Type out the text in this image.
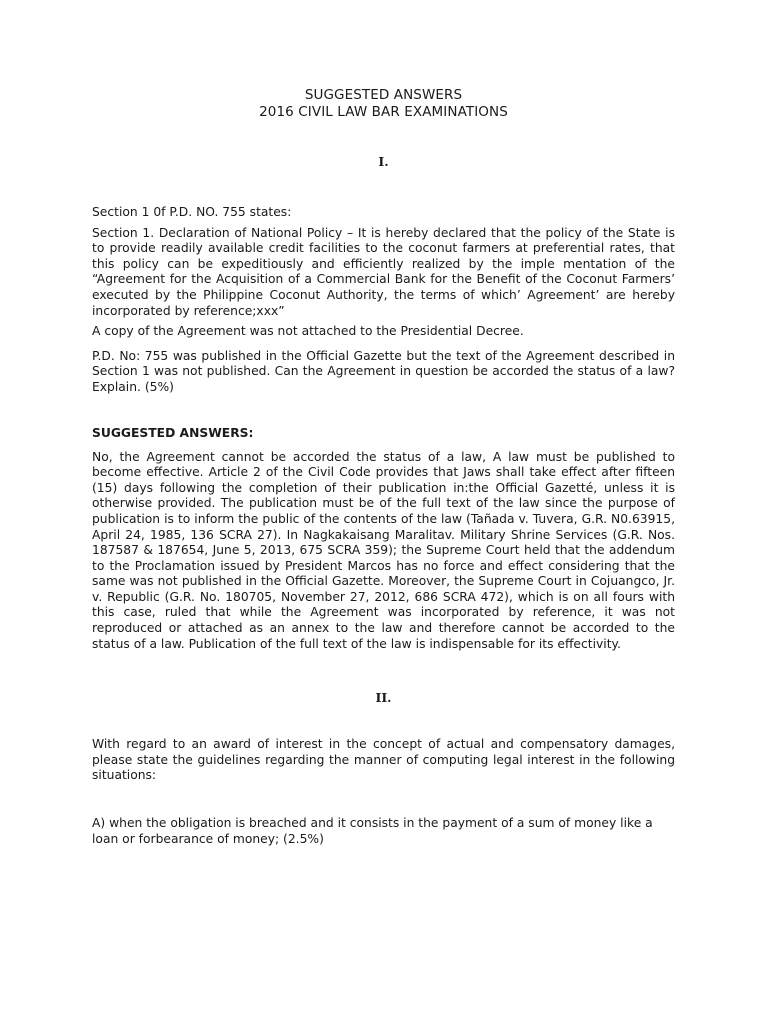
SUGGESTED ANSWERS
2016 CIVIL LAW BAR EXAMINATIONS
I.

Section 1 0f P.D. NO. 755 states:

Section 1. Declaration of National Policy – It is hereby declared that the policy of the State is to provide readily available credit facilities to the coconut farmers at preferential rates, that this policy can be expeditiously and efficiently realized by the imple mentation of the “Agreement for the Acquisition of a Commercial Bank for the Benefit of the Coconut Farmers’ executed by the Philippine Coconut Authority, the terms of which’ Agreement’ are hereby incorporated by reference;xxx”

A copy of the Agreement was not attached to the Presidential Decree.

P.D. No: 755 was published in the Official Gazette but the text of the Agreement described in Section 1 was not published. Can the Agreement in question be accorded the status of a law? Explain. (5%)

SUGGESTED ANSWERS:

No, the Agreement cannot be accorded the status of a law, A law must be published to become effective. Article 2 of the Civil Code provides that Jaws shall take effect after fifteen (15) days following the completion of their publication in:the Official Gazetté, unless it is otherwise provided. The publication must be of the full text of the law since the purpose of publication is to inform the public of the contents of the law (Tañada v. Tuvera, G.R. N0.63915, April 24, 1985, 136 SCRA 27). In Nagkakaisang Maralitav. Military Shrine Services (G.R. Nos. 187587 & 187654, June 5, 2013, 675 SCRA 359); the Supreme Court held that the addendum to the Proclamation issued by President Marcos has no force and effect considering that the same was not published in the Official Gazette. Moreover, the Supreme Court in Cojuangco, Jr. v. Republic (G.R. No. 180705, November 27, 2012, 686 SCRA 472), which is on all fours with this case, ruled that while the Agreement was incorporated by reference, it was not reproduced or attached as an annex to the law and therefore cannot be accorded to the status of a law. Publication of the full text of the law is indispensable for its effectivity.

II.

With regard to an award of interest in the concept of actual and compensatory damages, please state the guidelines regarding the manner of computing legal interest in the following situations:

A) when the obligation is breached and it consists in the payment of a sum of money like a loan or forbearance of money; (2.5%)
